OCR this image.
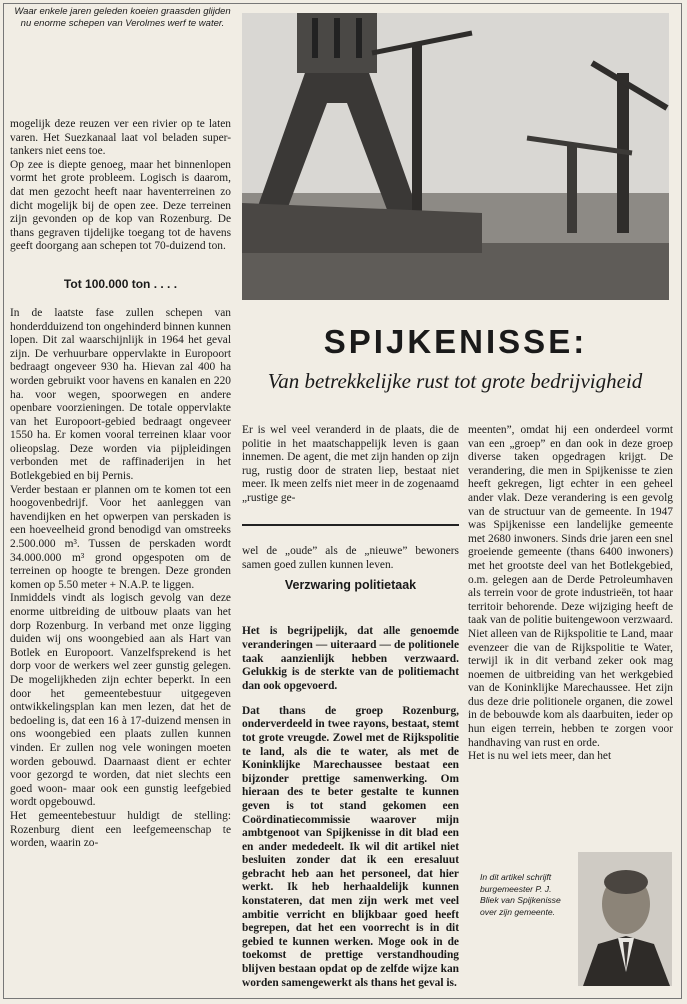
Waar enkele jaren geleden koeien graasden glijden nu enorme schepen van Verolmes werf te water.
SPIJKENISSE:
Van betrekkelijke rust tot grote bedrijvigheid

mogelijk deze reuzen ver een rivier op te laten varen. Het Suezkanaal laat vol beladen super-tankers niet eens toe.

Op zee is diepte genoeg, maar het binnenlopen vormt het grote probleem. Logisch is daarom, dat men gezocht heeft naar haventerreinen zo dicht mogelijk bij de open zee. Deze terreinen zijn gevonden op de kop van Rozenburg. De thans gegraven tijdelijke toegang tot de havens geeft doorgang aan schepen tot 70-duizend ton.

Tot 100.000 ton . . . .

In de laatste fase zullen schepen van honderdduizend ton ongehinderd binnen kunnen lopen. Dit zal waarschijnlijk in 1964 het geval zijn. De verhuurbare oppervlakte in Europoort bedraagt ongeveer 930 ha. Hievan zal 400 ha worden gebruikt voor havens en kanalen en 220 ha. voor wegen, spoorwegen en andere openbare voorzieningen. De totale oppervlakte van het Europoort-gebied bedraagt ongeveer 1550 ha. Er komen vooral terreinen klaar voor olieopslag. Deze worden via pijpleidingen verbonden met de raffinaderijen in het Botlekgebied en bij Pernis.

Verder bestaan er plannen om te komen tot een hoogovenbedrijf. Voor het aanleggen van havendijken en het opwerpen van perskaden is een hoeveelheid grond benodigd van omstreeks 2.500.000 m³. Tussen de perskaden wordt 34.000.000 m³ grond opgespoten om de terreinen op hoogte te brengen. Deze gronden komen op 5.50 meter + N.A.P. te liggen.

Inmiddels vindt als logisch gevolg van deze enorme uitbreiding de uitbouw plaats van het dorp Rozenburg. In verband met onze ligging duiden wij ons woongebied aan als Hart van Botlek en Europoort. Vanzelfsprekend is het dorp voor de werkers wel zeer gunstig gelegen. De mogelijkheden zijn echter beperkt. In een door het gemeentebestuur uitgegeven ontwikkelingsplan kan men lezen, dat het de bedoeling is, dat een 16 à 17-duizend mensen in ons woongebied een plaats zullen kunnen vinden. Er zullen nog vele woningen moeten worden gebouwd. Daarnaast dient er echter voor gezorgd te worden, dat niet slechts een goed woon- maar ook een gunstig leefgebied wordt opgebouwd.

Het gemeentebestuur huldigt de stelling: Rozenburg dient een leefgemeenschap te worden, waarin zo-

Er is wel veel veranderd in de plaats, die de politie in het maatschappelijk leven is gaan innemen. De agent, die met zijn handen op zijn rug, rustig door de straten liep, bestaat niet meer. Ik meen zelfs niet meer in de zogenaamd „rustige ge-

wel de „oude” als de „nieuwe” bewoners samen goed zullen kunnen leven.

Verzwaring politietaak

Het is begrijpelijk, dat alle genoemde veranderingen — uiteraard — de politionele taak aanzienlijk hebben verzwaard. Gelukkig is de sterkte van de politiemacht dan ook opgevoerd.

Dat thans de groep Rozenburg, onderverdeeld in twee rayons, bestaat, stemt tot grote vreugde. Zowel met de Rijkspolitie te land, als die te water, als met de Koninklijke Marechaussee bestaat een bijzonder prettige samenwerking. Om hieraan des te beter gestalte te kunnen geven is tot stand gekomen een Coördinatiecommissie waarover mijn ambtgenoot van Spijkenisse in dit blad een en ander mededeelt. Ik wil dit artikel niet besluiten zonder dat ik een eresaluut gebracht heb aan het personeel, dat hier werkt. Ik heb herhaaldelijk kunnen konstateren, dat men zijn werk met veel ambitie verricht en blijkbaar goed heeft begrepen, dat het een voorrecht is in dit gebied te kunnen werken. Moge ook in de toekomst de prettige verstandhouding blijven bestaan opdat op de zelfde wijze kan worden samengewerkt als thans het geval is.

meenten”, omdat hij een onderdeel vormt van een „groep” en dan ook in deze groep diverse taken opgedragen krijgt. De verandering, die men in Spijkenisse te zien heeft gekregen, ligt echter in een geheel ander vlak. Deze verandering is een gevolg van de structuur van de gemeente. In 1947 was Spijkenisse een landelijke gemeente met 2680 inwoners. Sinds drie jaren een snel groeiende gemeente (thans 6400 inwoners) met het grootste deel van het Botlekgebied, o.m. gelegen aan de Derde Petroleumhaven als terrein voor de grote industrieën, tot haar territoir behorende. Deze wijziging heeft de taak van de politie buitengewoon verzwaard. Niet alleen van de Rijkspolitie te Land, maar evenzeer die van de Rijkspolitie te Water, terwijl ik in dit verband zeker ook mag noemen de uitbreiding van het werkgebied van de Koninklijke Marechaussee. Het zijn dus deze drie politionele organen, die zowel in de bebouwde kom als daarbuiten, ieder op hun eigen terrein, hebben te zorgen voor handhaving van rust en orde.

Het is nu wel iets meer, dan het

In dit artikel schrijft burgemeester P. J. Bliek van Spijkenisse over zijn gemeente.
